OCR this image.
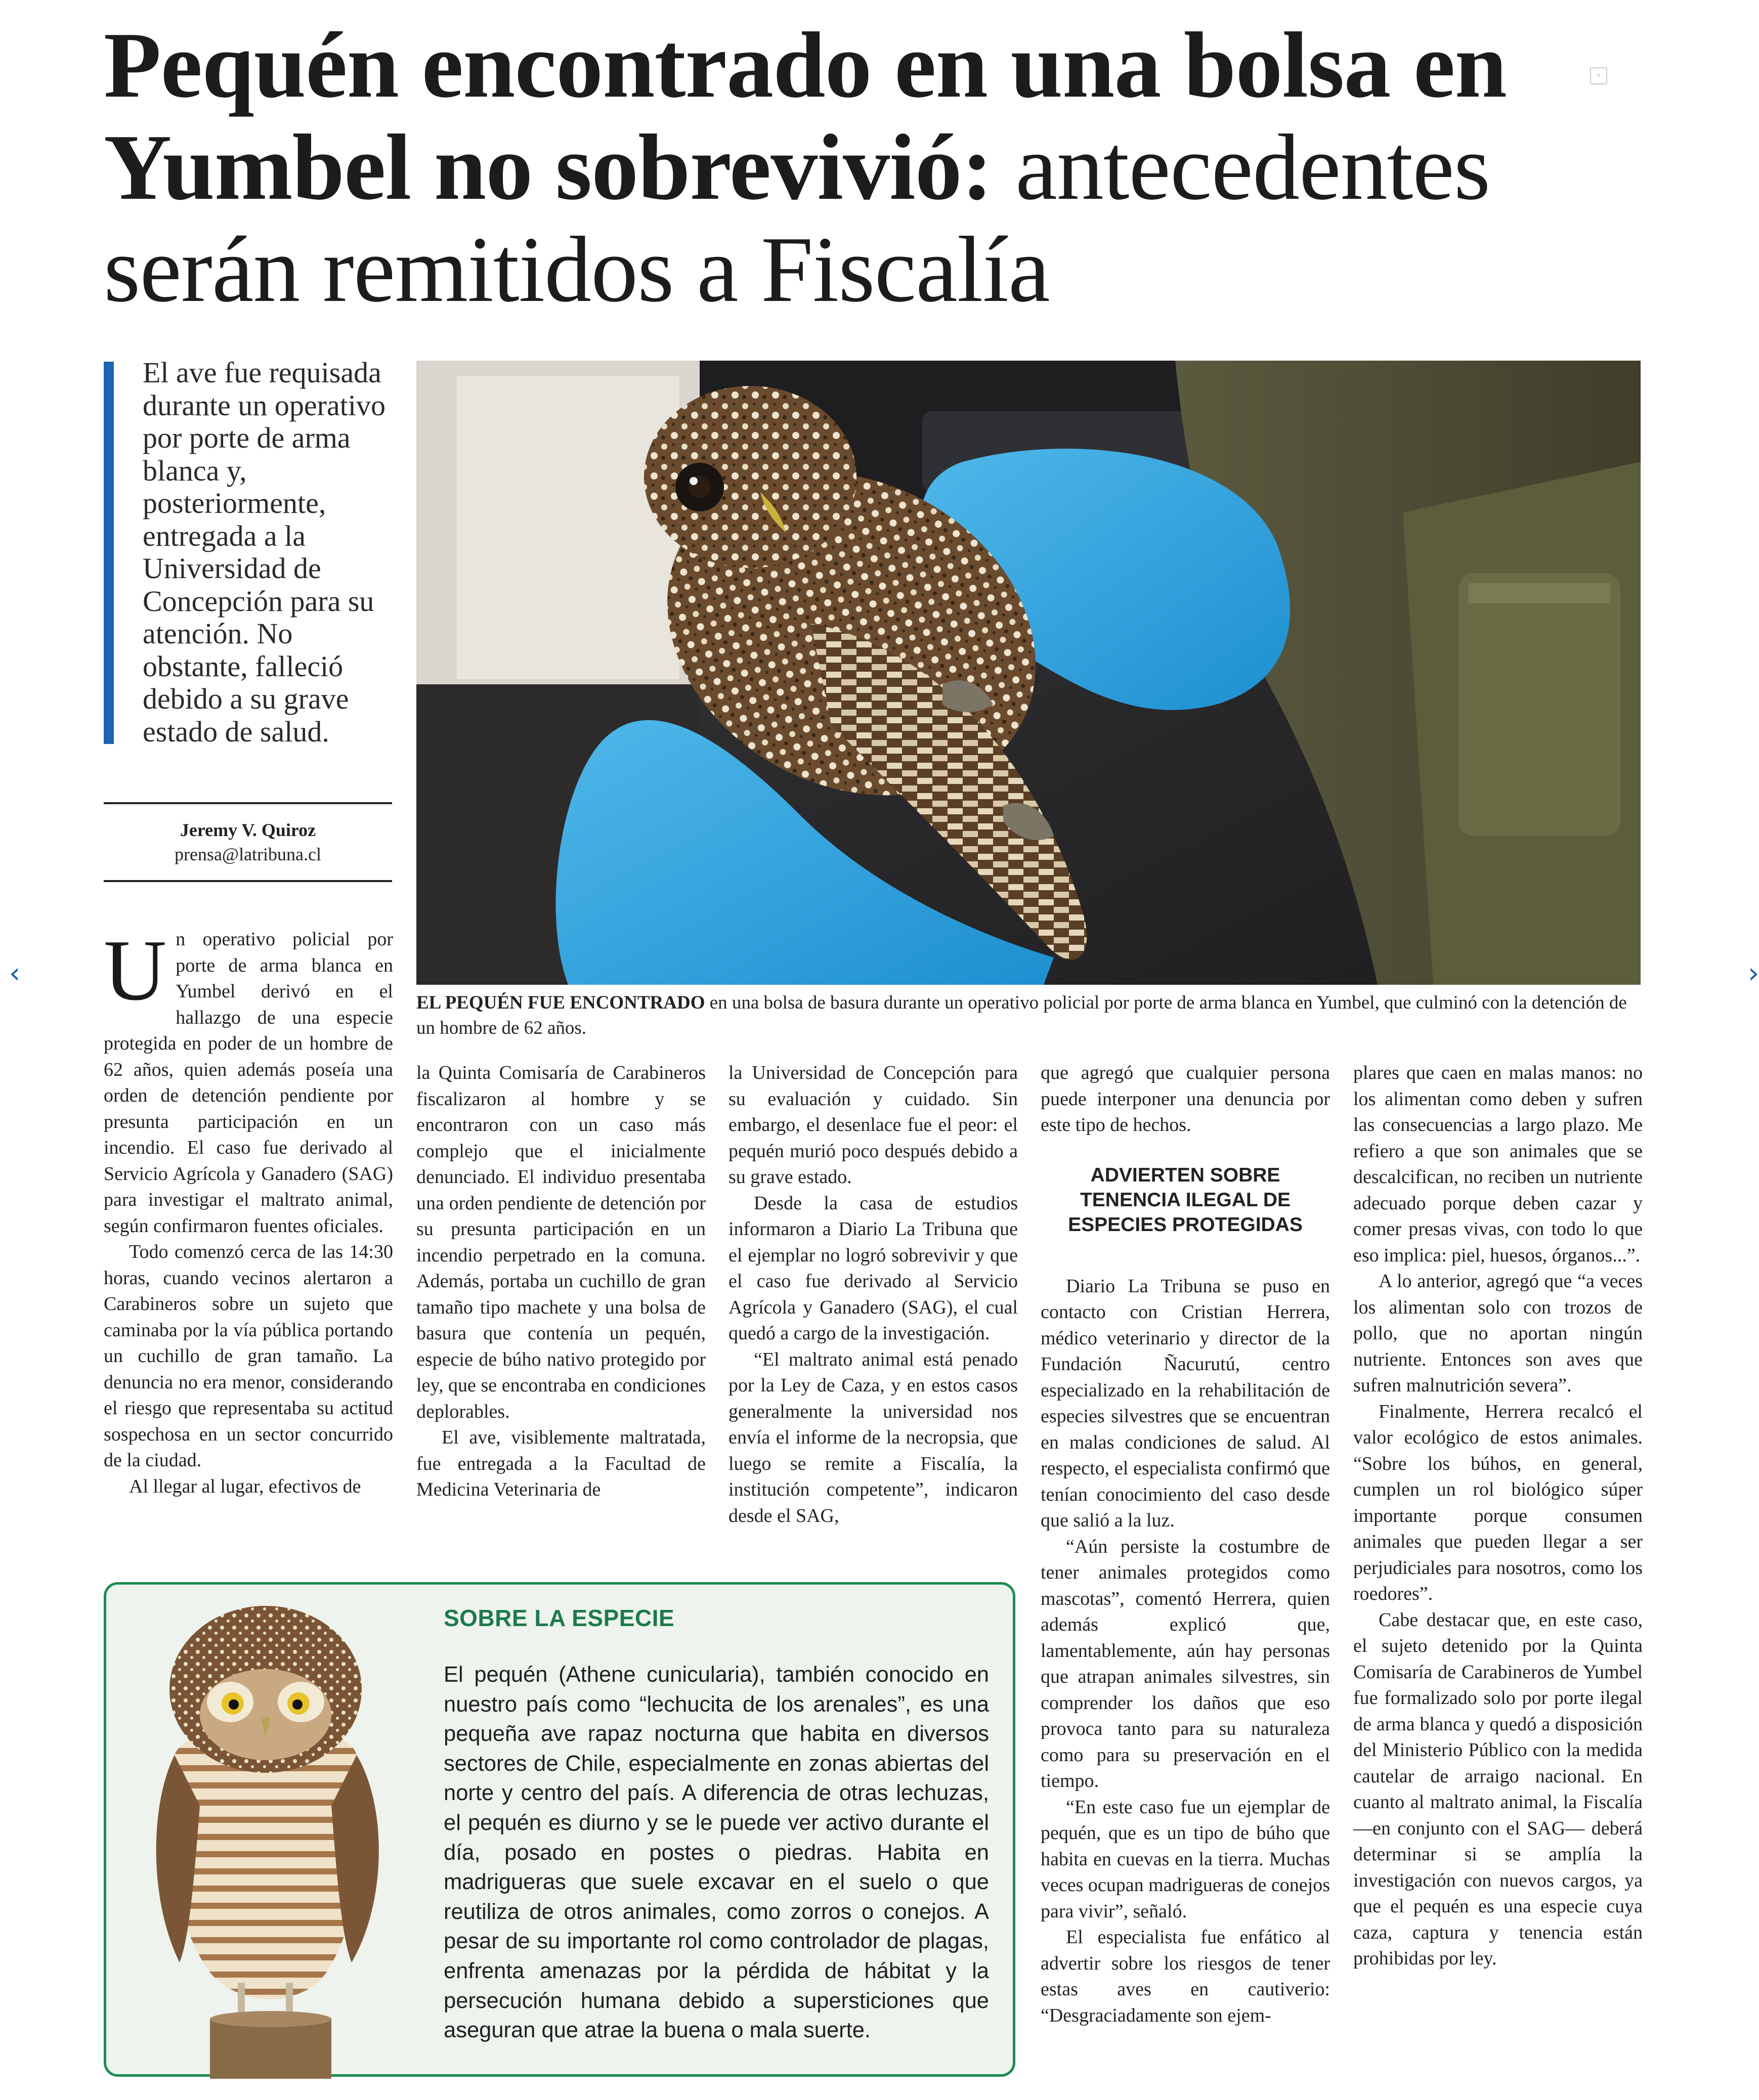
Pequén encontrado en una bolsa en Yumbel no sobrevivió: antecedentes serán remitidos a Fiscalía
▫
El ave fue requisada durante un operativo por porte de arma blanca y, posteriormente, entregada a la Universidad de Concepción para su atención. No obstante, falleció debido a su grave estado de salud.
Jeremy V. Quiroz
prensa@latribuna.cl
‹	›
EL PEQUÉN FUE ENCONTRADO en una bolsa de basura durante un operativo policial por porte de arma blanca en Yumbel, que culminó con la detención de un hombre de 62 años.

Un operativo policial por porte de arma blanca en Yumbel derivó en el hallazgo de una especie protegida en poder de un hombre de 62 años, quien además poseía una orden de detención pendiente por presunta participación en un incendio. El caso fue derivado al Servicio Agrícola y Ganadero (SAG) para investigar el maltrato animal, según confirmaron fuentes oficiales.

Todo comenzó cerca de las 14:30 horas, cuando vecinos alertaron a Carabineros sobre un sujeto que caminaba por la vía pública portando un cuchillo de gran tamaño. La denuncia no era menor, considerando el riesgo que representaba su actitud sospechosa en un sector concurrido de la ciudad.

Al llegar al lugar, efectivos de

la Quinta Comisaría de Carabineros fiscalizaron al hombre y se encontraron con un caso más complejo que el inicialmente denunciado. El individuo presentaba una orden pendiente de detención por su presunta participación en un incendio perpetrado en la comuna. Además, portaba un cuchillo de gran tamaño tipo machete y una bolsa de basura que contenía un pequén, especie de búho nativo protegido por ley, que se encontraba en condiciones deplorables.

El ave, visiblemente maltratada, fue entregada a la Facultad de Medicina Veterinaria de

la Universidad de Concepción para su evaluación y cuidado. Sin embargo, el desenlace fue el peor: el pequén murió poco después debido a su grave estado.

Desde la casa de estudios informaron a Diario La Tribuna que el ejemplar no logró sobrevivir y que el caso fue derivado al Servicio Agrícola y Ganadero (SAG), el cual quedó a cargo de la investigación.

“El maltrato animal está penado por la Ley de Caza, y en estos casos generalmente la universidad nos envía el informe de la necropsia, que luego se remite a Fiscalía, la institución competente”, indicaron desde el SAG,

que agregó que cualquier persona puede interponer una denuncia por este tipo de hechos.

ADVIERTEN SOBRE TENENCIA ILEGAL DE ESPECIES PROTEGIDAS

Diario La Tribuna se puso en contacto con Cristian Herrera, médico veterinario y director de la Fundación Ñacurutú, centro especializado en la rehabilitación de especies silvestres que se encuentran en malas condiciones de salud. Al respecto, el especialista confirmó que tenían conocimiento del caso desde que salió a la luz.

“Aún persiste la costumbre de tener animales protegidos como mascotas”, comentó Herrera, quien además explicó que, lamentablemente, aún hay personas que atrapan animales silvestres, sin comprender los daños que eso provoca tanto para su naturaleza como para su preservación en el tiempo.

“En este caso fue un ejemplar de pequén, que es un tipo de búho que habita en cuevas en la tierra. Muchas veces ocupan madrigueras de conejos para vivir”, señaló.

El especialista fue enfático al advertir sobre los riesgos de tener estas aves en cautiverio: “Desgraciadamente son ejem-

plares que caen en malas manos: no los alimentan como deben y sufren las consecuencias a largo plazo. Me refiero a que son animales que se descalcifican, no reciben un nutriente adecuado porque deben cazar y comer presas vivas, con todo lo que eso implica: piel, huesos, órganos...”.

A lo anterior, agregó que “a veces los alimentan solo con trozos de pollo, que no aportan ningún nutriente. Entonces son aves que sufren malnutrición severa”.

Finalmente, Herrera recalcó el valor ecológico de estos animales. “Sobre los búhos, en general, cumplen un rol biológico súper importante porque consumen animales que pueden llegar a ser perjudiciales para nosotros, como los roedores”.

Cabe destacar que, en este caso, el sujeto detenido por la Quinta Comisaría de Carabineros de Yumbel fue formalizado solo por porte ilegal de arma blanca y quedó a disposición del Ministerio Público con la medida cautelar de arraigo nacional. En cuanto al maltrato animal, la Fiscalía —en conjunto con el SAG— deberá determinar si se amplía la investigación con nuevos cargos, ya que el pequén es una especie cuya caza, captura y tenencia están prohibidas por ley.

SOBRE LA ESPECIE
El pequén (Athene cunicularia), también conocido en nuestro país como “lechucita de los arenales”, es una pequeña ave rapaz nocturna que habita en diversos sectores de Chile, especialmente en zonas abiertas del norte y centro del país. A diferencia de otras lechuzas, el pequén es diurno y se le puede ver activo durante el día, posado en postes o piedras. Habita en madrigueras que suele excavar en el suelo o que reutiliza de otros animales, como zorros o conejos. A pesar de su importante rol como controlador de plagas, enfrenta amenazas por la pérdida de hábitat y la persecución humana debido a supersticiones que aseguran que atrae la buena o mala suerte.
